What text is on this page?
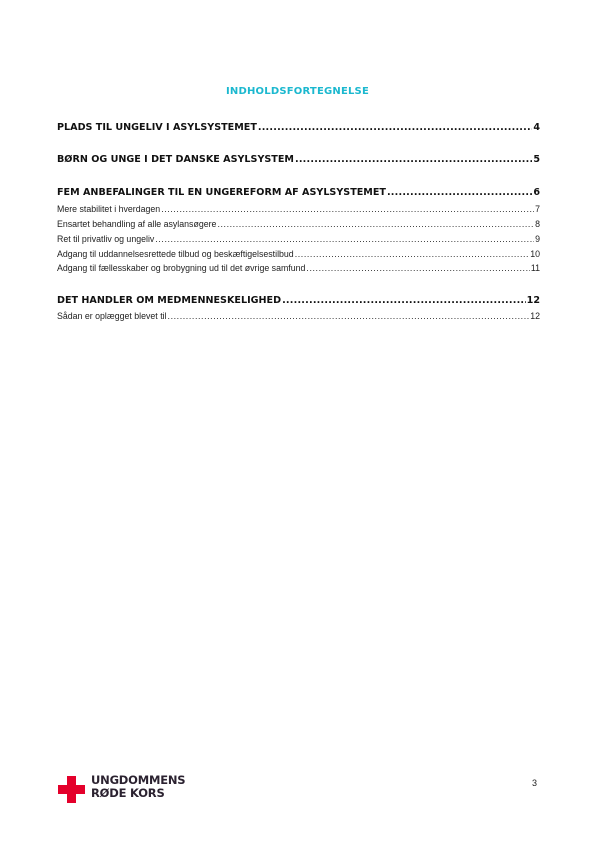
INDHOLDSFORTEGNELSE
PLADS TIL UNGELIV I ASYLSYSTEMET .....	4
BØRN OG UNGE I DET DANSKE ASYLSYSTEM .....	5
FEM ANBEFALINGER TIL EN UNGEREFORM AF ASYLSYSTEMET .....	6
Mere stabilitet i hverdagen .....	7
Ensartet behandling af alle asylansøgere .....	8
Ret til privatliv og ungeliv .....	9
Adgang til uddannelsesrettede tilbud og beskæftigelsestilbud .....	10
Adgang til fællesskaber og brobygning ud til det øvrige samfund .....	11
DET HANDLER OM MEDMENNESKELIGHED .....	12
Sådan er oplægget blevet til .....	12
UNGDOMMENS
RØDE KORS
3
